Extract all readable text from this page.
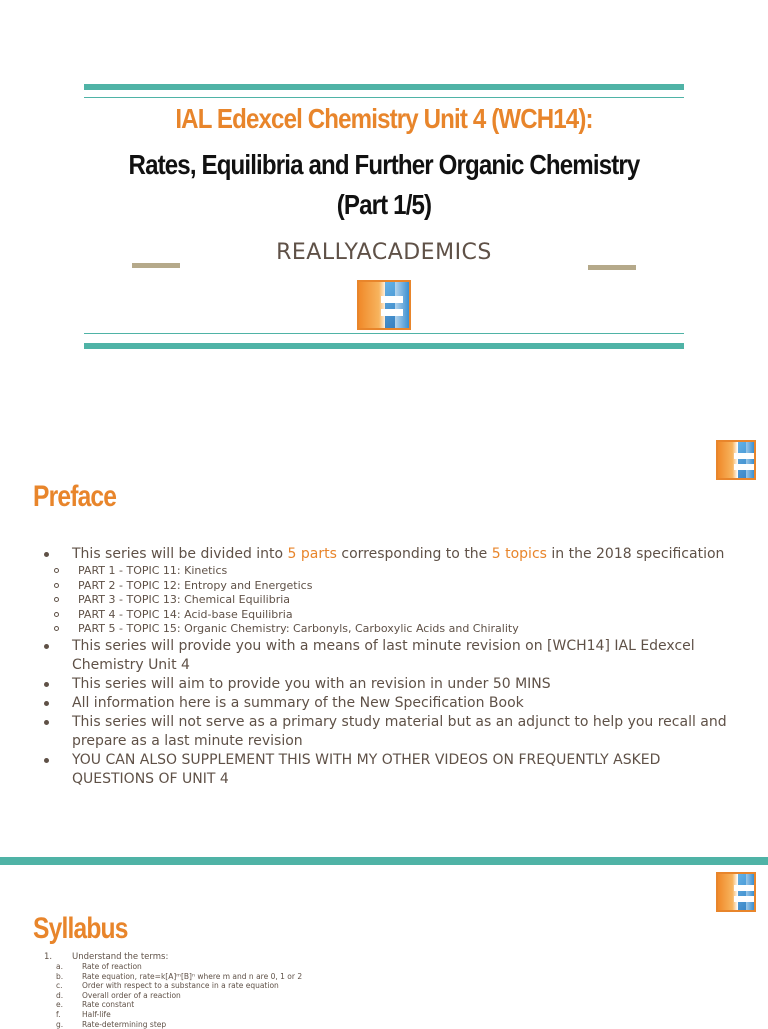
IAL Edexcel Chemistry Unit 4 (WCH14):
Rates, Equilibria and Further Organic Chemistry
(Part 1/5)
REALLYACADEMICS
Preface
This series will be divided into 5 parts corresponding to the 5 topics in the 2018 specification
PART 1 - TOPIC 11: Kinetics
PART 2 - TOPIC 12: Entropy and Energetics
PART 3 - TOPIC 13: Chemical Equilibria
PART 4 - TOPIC 14: Acid-base Equilibria
PART 5 - TOPIC 15: Organic Chemistry: Carbonyls, Carboxylic Acids and Chirality
This series will provide you with a means of last minute revision on [WCH14] IAL Edexcel Chemistry Unit 4
This series will aim to provide you with an revision in under 50 MINS
All information here is a summary of the New Specification Book
This series will not serve as a primary study material but as an adjunct to help you recall and prepare as a last minute revision
YOU CAN ALSO SUPPLEMENT THIS WITH MY OTHER VIDEOS ON FREQUENTLY ASKED QUESTIONS OF UNIT 4
Syllabus
1. Understand the terms:
a.	Rate of reaction
b.	Rate equation, rate=k[A]ᵐ[B]ⁿ where m and n are 0, 1 or 2
c.	Order with respect to a substance in a rate equation
d.	Overall order of a reaction
e.	Rate constant
f.	Half-life
g.	Rate-determining step
